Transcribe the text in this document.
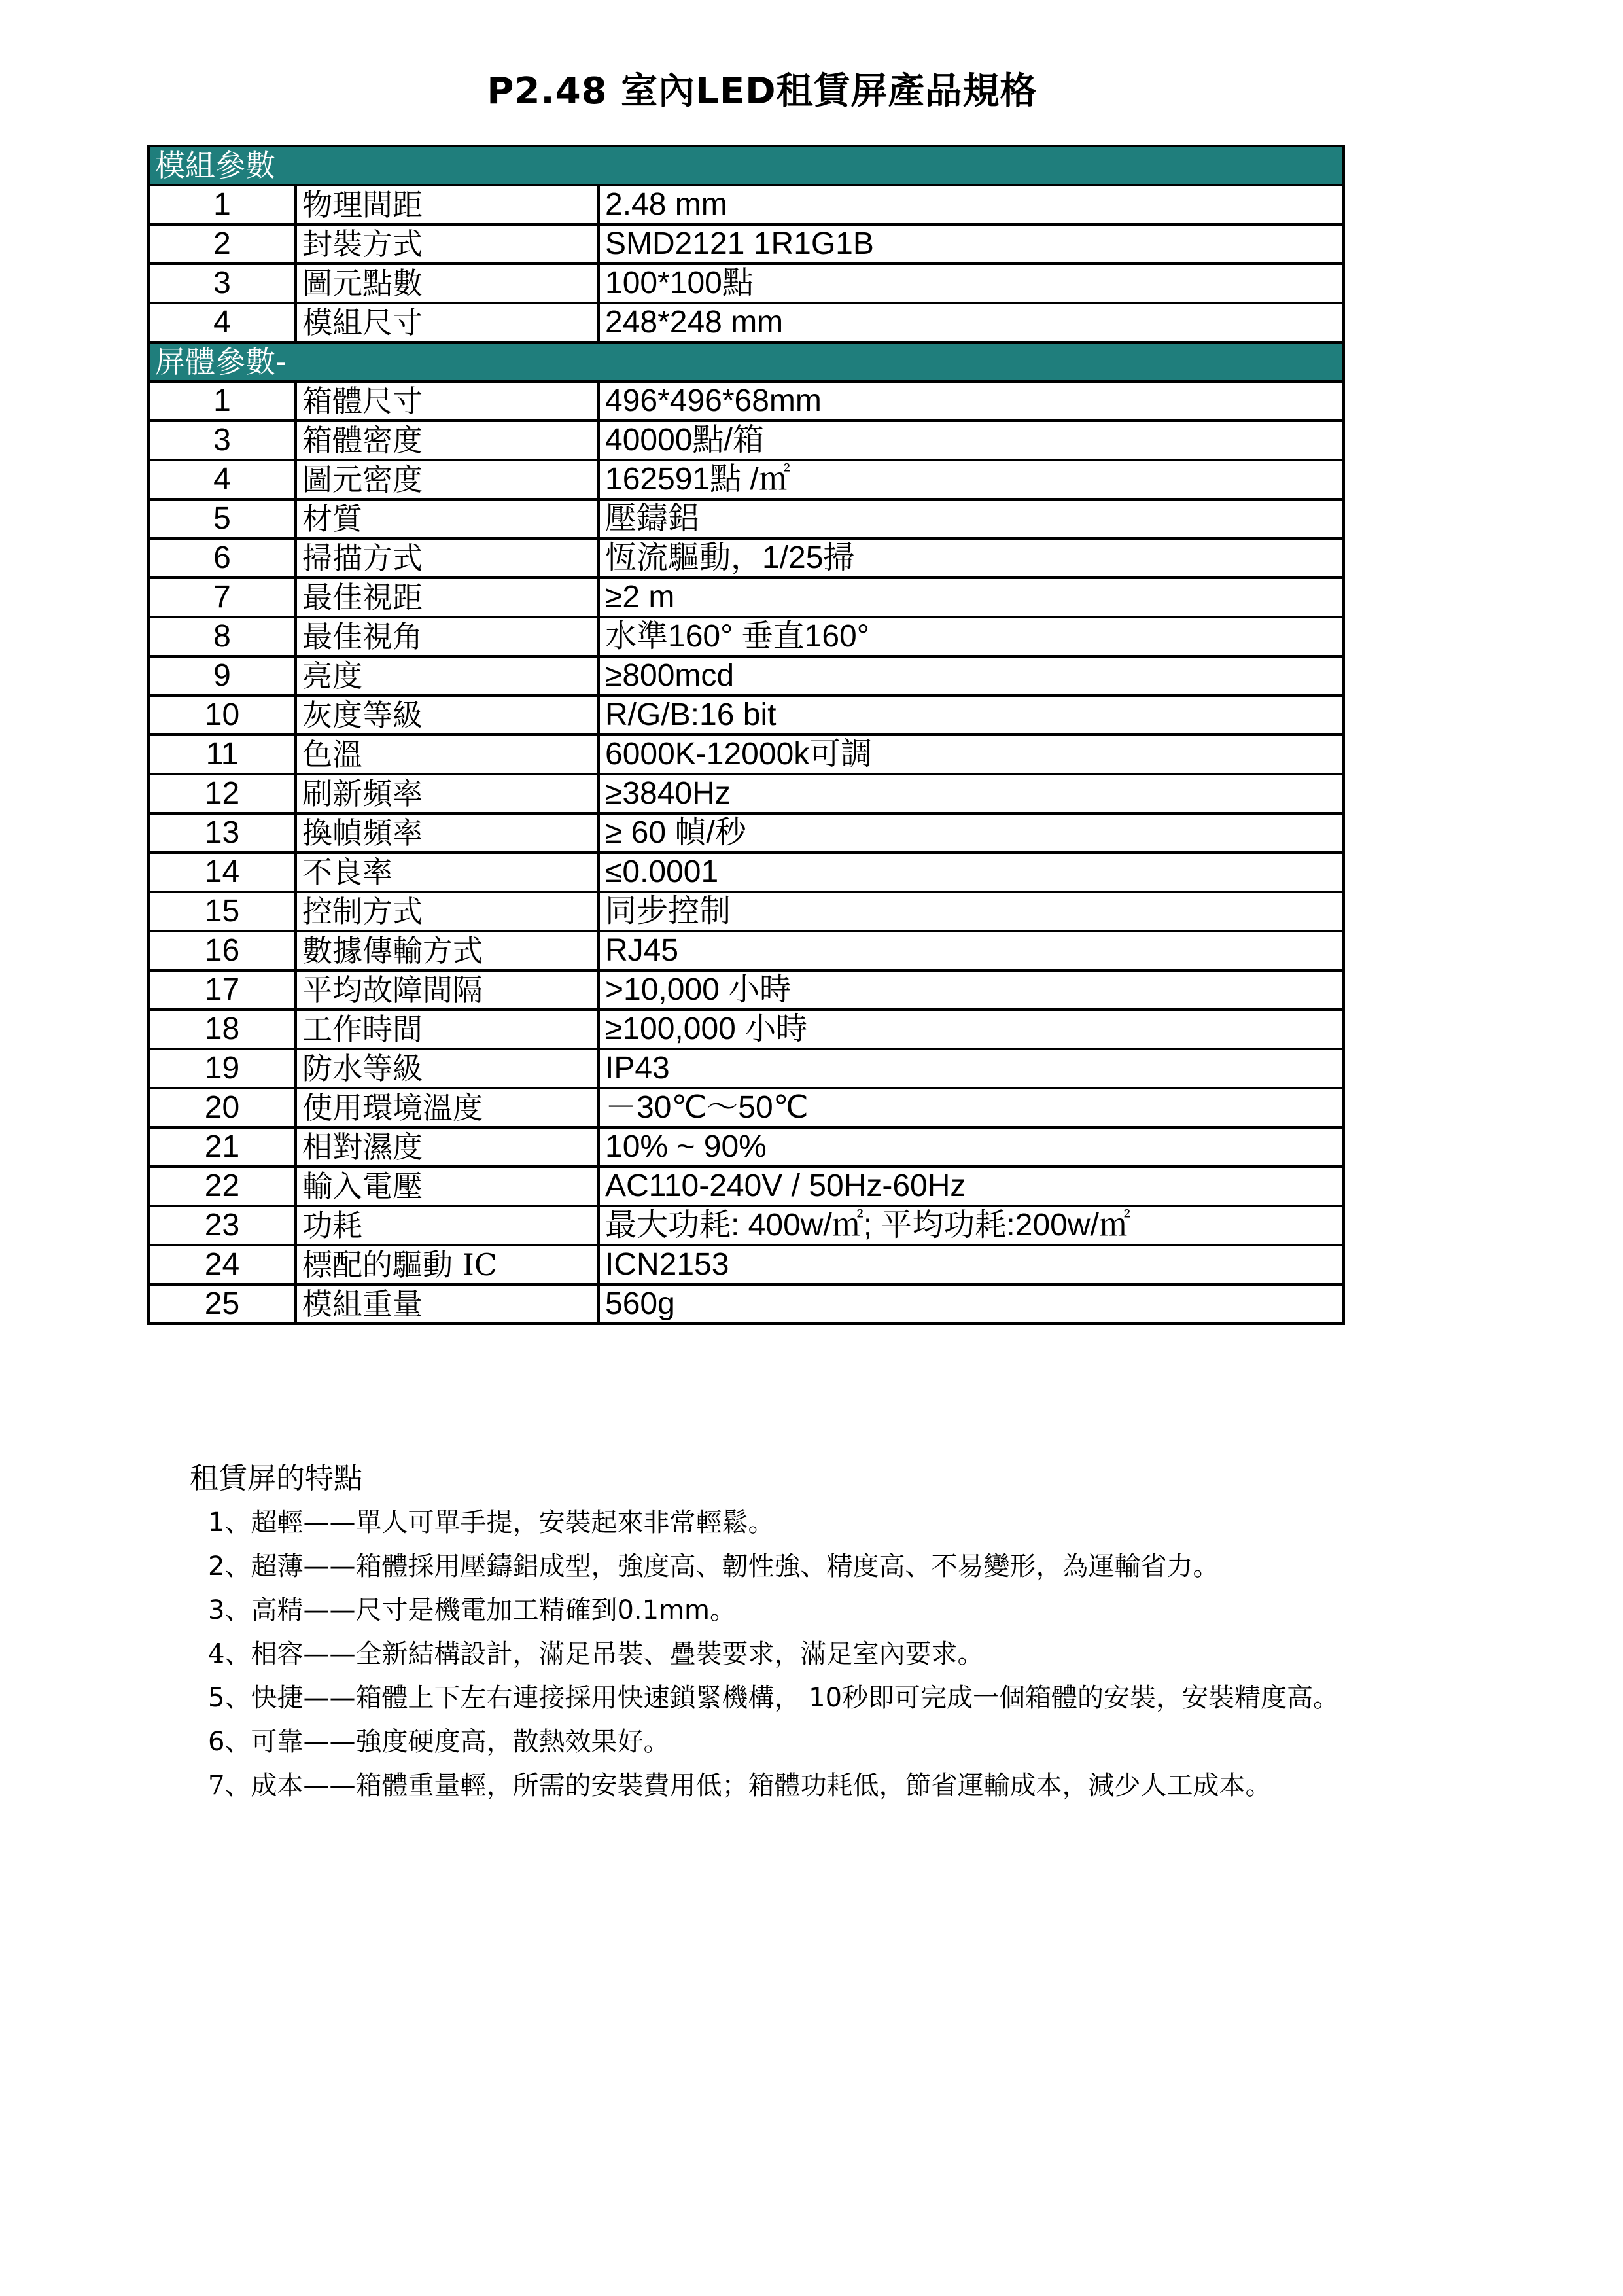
P2.48 室內LED租賃屏產品規格
模組參數		
1	物理間距	2.48 mm
2	封裝方式	SMD2121 1R1G1B
3	圖元點數	100*100點
4	模組尺寸	248*248 mm
屏體參數-		
1	箱體尺寸	496*496*68mm
3	箱體密度	40000點/箱
4	圖元密度	162591點 /㎡
5	材質	壓鑄鋁
6	掃描方式	恆流驅動，1/25掃
7	最佳視距	≥2 m
8	最佳視角	水準160° 垂直160°
9	亮度	≥800mcd
10	灰度等級	R/G/B:16 bit
11	色溫	6000K-12000k可調
12	刷新頻率	≥3840Hz
13	換幀頻率	≥ 60 幀/秒
14	不良率	≤0.0001
15	控制方式	同步控制
16	數據傳輸方式	RJ45
17	平均故障間隔	>10,000 小時
18	工作時間	≥100,000 小時
19	防水等級	IP43
20	使用環境溫度	－30℃～50℃
21	相對濕度	10% ~ 90%
22	輸入電壓	AC110-240V / 50Hz-60Hz
23	功耗	最大功耗: 400w/㎡; 平均功耗:200w/㎡
24	標配的驅動 IC	ICN2153
25	模組重量	560g
租賃屏的特點
1、超輕——單人可單手提，安裝起來非常輕鬆。
2、超薄——箱體採用壓鑄鋁成型，強度高、韌性強、精度高、不易變形，為運輸省力。
3、高精——尺寸是機電加工精確到0.1mm。
4、相容——全新結構設計，滿足吊裝、疊裝要求，滿足室內要求。
5、快捷——箱體上下左右連接採用快速鎖緊機構， 10秒即可完成一個箱體的安裝，安裝精度高。
6、可靠——強度硬度高，散熱效果好。
7、成本——箱體重量輕，所需的安裝費用低；箱體功耗低，節省運輸成本，減少人工成本。
